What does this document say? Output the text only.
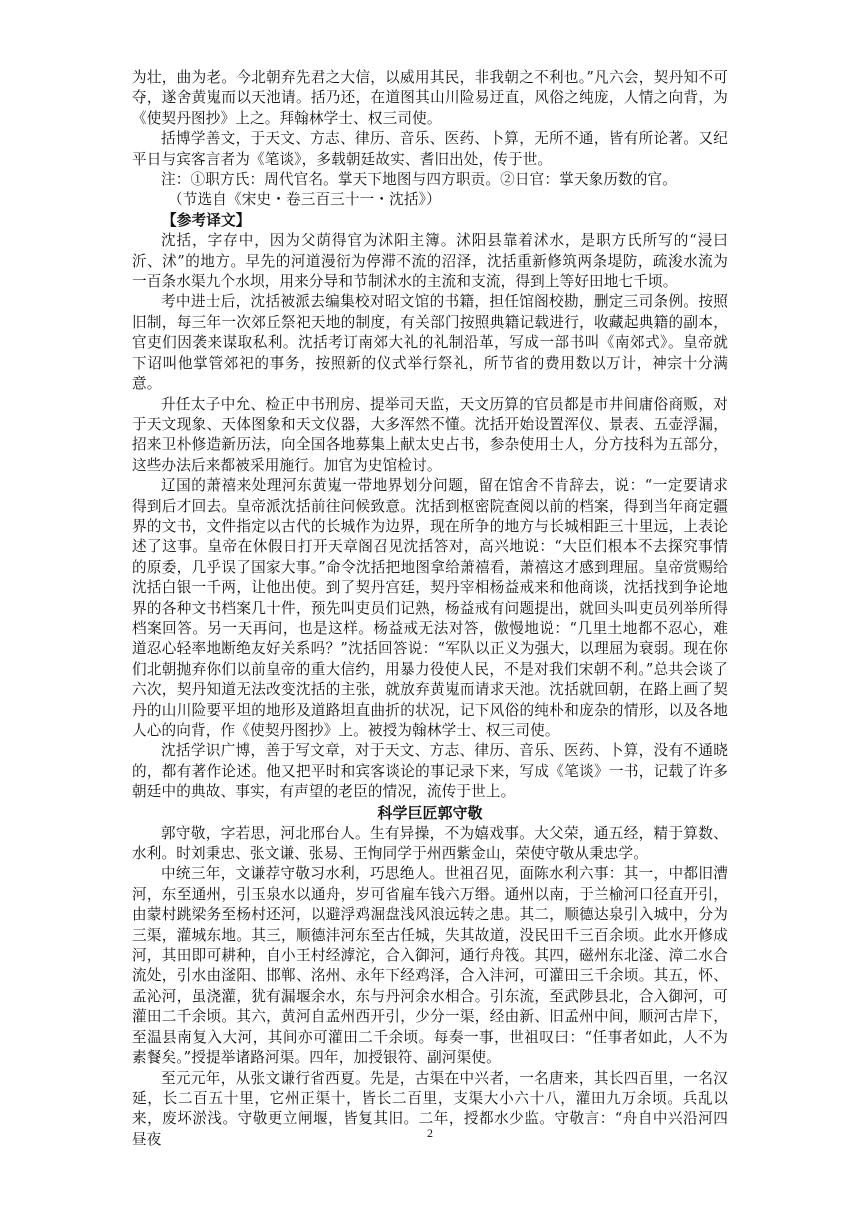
为壮，曲为老。今北朝弃先君之大信，以威用其民，非我朝之不利也。”凡六会，契丹知不可夺，遂舍黄嵬而以天池请。括乃还，在道图其山川险易迂直，风俗之纯庞，人情之向背，为《使契丹图抄》上之。拜翰林学士、权三司使。

括博学善文，于天文、方志、律历、音乐、医药、卜算，无所不通，皆有所论著。又纪平日与宾客言者为《笔谈》，多载朝廷故实、耆旧出处，传于世。

注：①职方氏：周代官名。掌天下地图与四方职贡。②日官：掌天象历数的官。

（节选自《宋史・卷三百三十一・沈括》）

【参考译文】

沈括，字存中，因为父荫得官为沭阳主簿。沭阳县靠着沭水，是职方氏所写的“浸曰沂、沭”的地方。早先的河道漫衍为停滞不流的沼泽，沈括重新修筑两条堤防，疏浚水流为一百条水渠九个水坝，用来分导和节制沭水的主流和支流，得到上等好田地七千顷。

考中进士后，沈括被派去编集校对昭文馆的书籍，担任馆阁校勘，删定三司条例。按照旧制，每三年一次郊丘祭祀天地的制度，有关部门按照典籍记载进行，收藏起典籍的副本，官吏们因袭来谋取私利。沈括考订南郊大礼的礼制沿革，写成一部书叫《南郊式》。皇帝就下诏叫他掌管郊祀的事务，按照新的仪式举行祭礼，所节省的费用数以万计，神宗十分满意。

升任太子中允、检正中书刑房、提举司天监，天文历算的官员都是市井间庸俗商贩，对于天文现象、天体图象和天文仪器，大多浑然不懂。沈括开始设置浑仪、景表、五壶浮漏，招来卫朴修造新历法，向全国各地募集上献太史占书，参杂使用士人，分方技科为五部分，这些办法后来都被采用施行。加官为史馆检讨。

辽国的萧禧来处理河东黄嵬一带地界划分问题，留在馆舍不肯辞去，说：“一定要请求得到后才回去。皇帝派沈括前往问候致意。沈括到枢密院查阅以前的档案，得到当年商定疆界的文书，文件指定以古代的长城作为边界，现在所争的地方与长城相距三十里远，上表论述了这事。皇帝在休假日打开天章阁召见沈括答对，高兴地说：“大臣们根本不去探究事情的原委，几乎误了国家大事。”命令沈括把地图拿给萧禧看，萧禧这才感到理屈。皇帝赏赐给沈括白银一千两，让他出使。到了契丹宫廷，契丹宰相杨益戒来和他商谈，沈括找到争论地界的各种文书档案几十件，预先叫吏员们记熟，杨益戒有问题提出，就回头叫吏员列举所得档案回答。另一天再问，也是这样。杨益戒无法对答，傲慢地说：“几里土地都不忍心，难道忍心轻率地断绝友好关系吗？”沈括回答说：“军队以正义为强大，以理屈为衰弱。现在你们北朝抛弃你们以前皇帝的重大信约，用暴力役使人民，不是对我们宋朝不利。”总共会谈了六次，契丹知道无法改变沈括的主张，就放弃黄嵬而请求天池。沈括就回朝，在路上画了契丹的山川险要平坦的地形及道路坦直曲折的状况，记下风俗的纯朴和庞杂的情形，以及各地人心的向背，作《使契丹图抄》上。被授为翰林学士、权三司使。

沈括学识广博，善于写文章，对于天文、方志、律历、音乐、医药、卜算，没有不通晓的，都有著作论述。他又把平时和宾客谈论的事记录下来，写成《笔谈》一书，记载了许多朝廷中的典故、事实，有声望的老臣的情况，流传于世上。

科学巨匠郭守敬

郭守敬，字若思，河北邢台人。生有异操，不为嬉戏事。大父荣，通五经，精于算数、水利。时刘秉忠、张文谦、张易、王恂同学于州西紫金山，荣使守敬从秉忠学。

中统三年，文谦荐守敬习水利，巧思绝人。世祖召见，面陈水利六事：其一，中都旧漕河，东至通州，引玉泉水以通舟，岁可省雇车钱六万缗。通州以南，于兰榆河口径直开引，由蒙村跳梁务至杨村还河，以避浮鸡淈盘浅风浪远转之患。其二，顺德达泉引入城中，分为三渠，灌城东地。其三，顺德沣河东至古任城，失其故道，没民田千三百余顷。此水开修成河，其田即可耕种，自小王村经滹沱，合入御河，通行舟筏。其四，磁州东北滏、漳二水合流处，引水由滏阳、邯郸、洺州、永年下经鸡泽，合入沣河，可灌田三千余顷。其五，怀、孟沁河，虽浇灌，犹有漏堰余水，东与丹河余水相合。引东流，至武陟县北，合入御河，可灌田二千余顷。其六，黄河自孟州西开引，少分一渠，经由新、旧孟州中间，顺河古岸下，至温县南复入大河，其间亦可灌田二千余顷。每奏一事，世祖叹曰：“任事者如此，人不为素餐矣。”授提举诸路河渠。四年，加授银符、副河渠使。

至元元年，从张文谦行省西夏。先是，古渠在中兴者，一名唐来，其长四百里，一名汉延，长二百五十里，它州正渠十，皆长二百里，支渠大小六十八，灌田九万余顷。兵乱以来，废坏淤浅。守敬更立闸堰，皆复其旧。二年，授都水少监。守敬言：“舟自中兴沿河四昼夜	2
